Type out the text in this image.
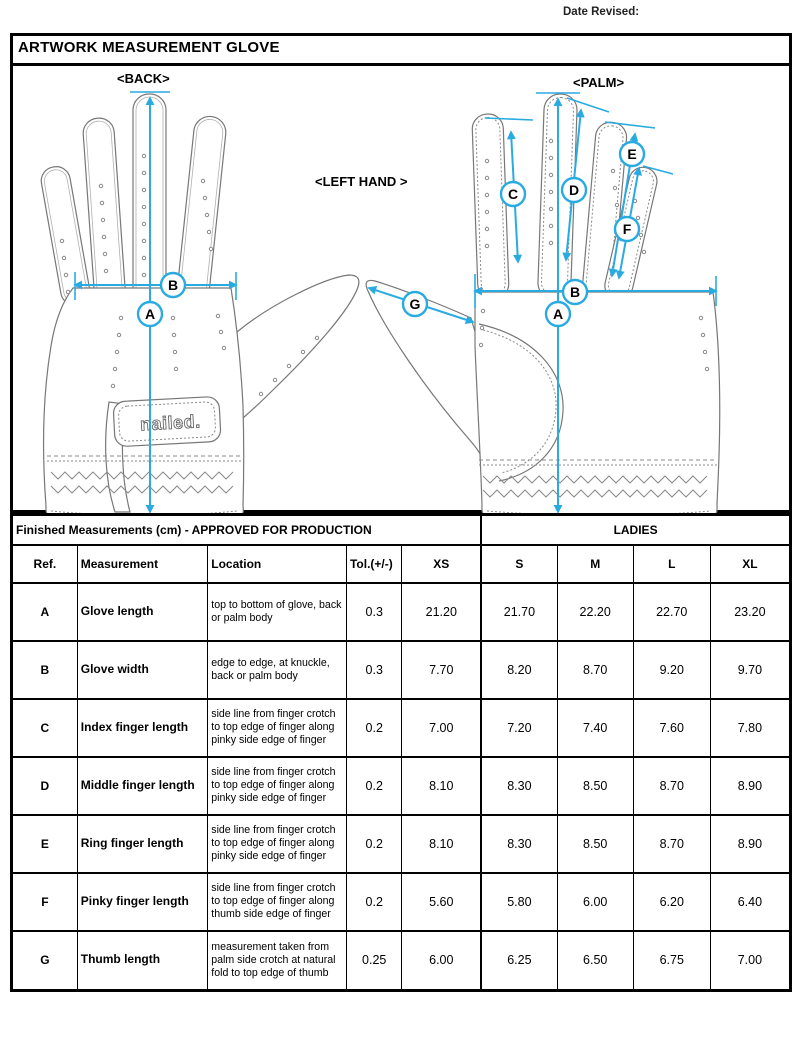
Date Revised:
ARTWORK MEASUREMENT GLOVE
nailed.
A
B
C	D
E
F
G
B
A
<BACK>	<PALM>
<LEFT HAND >
Finished Measurements (cm) - APPROVED FOR PRODUCTION					LADIES			
Ref.	Measurement	Location	Tol.(+/-)	XS	S	M	L	XL
A	Glove length	top to bottom of glove, back or palm body	0.3	21.20	21.70	22.20	22.70	23.20
B	Glove width	edge to edge, at knuckle, back or palm body	0.3	7.70	8.20	8.70	9.20	9.70
C	Index finger length	side line from finger crotch to top edge of finger along pinky side edge of finger	0.2	7.00	7.20	7.40	7.60	7.80
D	Middle finger length	side line from finger crotch to top edge of finger along pinky side edge of finger	0.2	8.10	8.30	8.50	8.70	8.90
E	Ring finger length	side line from finger crotch to top edge of finger along pinky side edge of finger	0.2	8.10	8.30	8.50	8.70	8.90
F	Pinky finger length	side line from finger crotch to top edge of finger along thumb side edge of finger	0.2	5.60	5.80	6.00	6.20	6.40
G	Thumb length	measurement taken from palm side crotch at natural fold to top edge of thumb	0.25	6.00	6.25	6.50	6.75	7.00
